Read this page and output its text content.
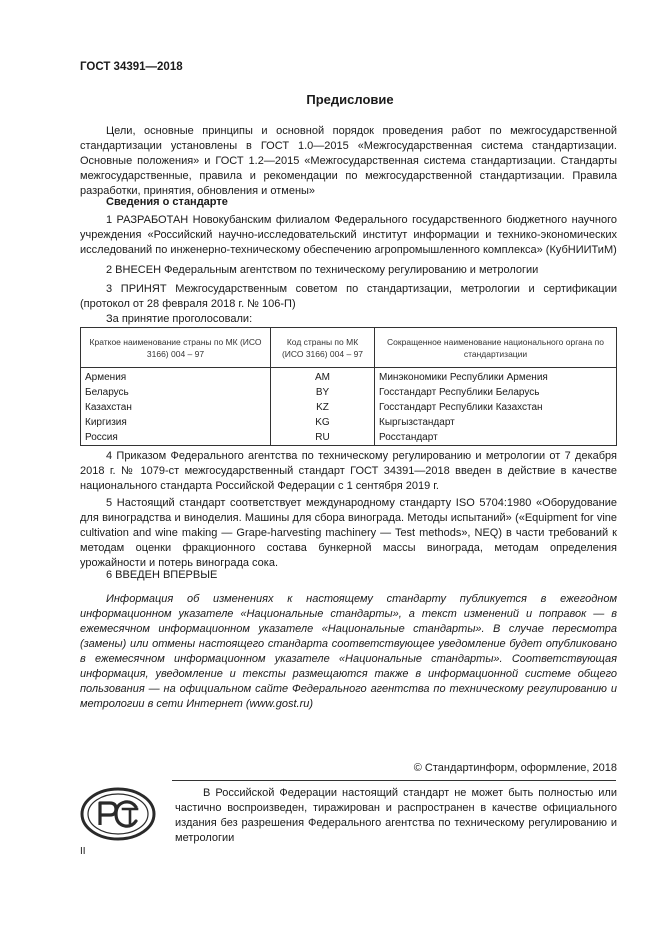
ГОСТ 34391—2018
Предисловие

Цели, основные принципы и основной порядок проведения работ по межгосударственной стандартизации установлены в ГОСТ 1.0—2015 «Межгосударственная система стандартизации. Основные положения» и ГОСТ 1.2—2015 «Межгосударственная система стандартизации. Стандарты межгосударственные, правила и рекомендации по межгосударственной стандартизации. Правила разработки, принятия, обновления и отмены»

Сведения о стандарте

1 РАЗРАБОТАН Новокубанским филиалом Федерального государственного бюджетного научного учреждения «Российский научно-исследовательский институт информации и технико-экономических исследований по инженерно-техническому обеспечению агропромышленного комплекса» (КубНИИТиМ)

2 ВНЕСЕН Федеральным агентством по техническому регулированию и метрологии

3 ПРИНЯТ Межгосударственным советом по стандартизации, метрологии и сертификации (протокол от 28 февраля 2018 г. № 106-П)

За принятие проголосовали:
Краткое наименование страны по МК (ИСО 3166) 004 – 97	Код страны по МК (ИСО 3166) 004 – 97	Сокращенное наименование национального органа по стандартизации
Армения	AM	Минэкономики Республики Армения
Беларусь	BY	Госстандарт Республики Беларусь
Казахстан	KZ	Госстандарт Республики Казахстан
Киргизия	KG	Кыргызстандарт
Россия	RU	Росстандарт

4 Приказом Федерального агентства по техническому регулированию и метрологии от 7 декабря 2018 г. № 1079-ст межгосударственный стандарт ГОСТ 34391—2018 введен в действие в качестве национального стандарта Российской Федерации с 1 сентября 2019 г.

5 Настоящий стандарт соответствует международному стандарту ISO 5704:1980 «Оборудование для виноградства и виноделия. Машины для сбора винограда. Методы испытаний» («Equipment for vine cultivation and wine making — Grape-harvesting machinery — Test methods», NEQ) в части требований к методам оценки фракционного состава бункерной массы винограда, методам определения урожайности и потерь винограда сока.

6 ВВЕДЕН ВПЕРВЫЕ

Информация об изменениях к настоящему стандарту публикуется в ежегодном информационном указателе «Национальные стандарты», а текст изменений и поправок — в ежемесячном информационном указателе «Национальные стандарты». В случае пересмотра (замены) или отмены настоящего стандарта соответствующее уведомление будет опубликовано в ежемесячном информационном указателе «Национальные стандарты». Соответствующая информация, уведомление и тексты размещаются также в информационной системе общего пользования — на официальном сайте Федерального агентства по техническому регулированию и метрологии в сети Интернет (www.gost.ru)

© Стандартинформ, оформление, 2018

В Российской Федерации настоящий стандарт не может быть полностью или частично воспроизведен, тиражирован и распространен в качестве официального издания без разрешения Федерального агентства по техническому регулированию и метрологии

II
